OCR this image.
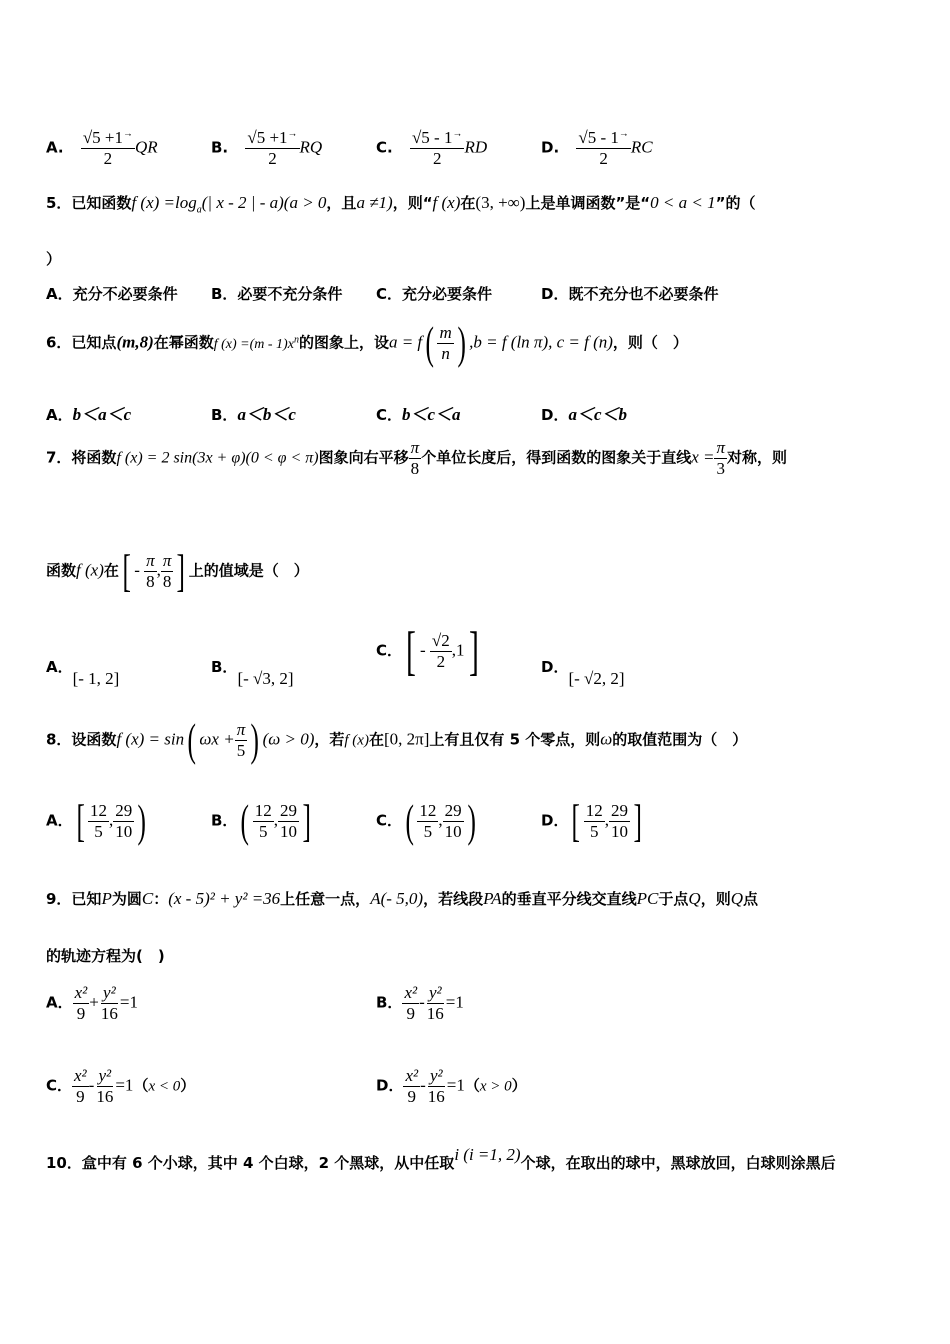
A. $\frac{√5 +1^\to}{2}$ QR	B. $\frac{√5 +1^\to}{2}$ RQ	C. $\frac{√5 - 1^\to}{2}$ RD	D. $\frac{√5 - 1^\to}{2}$ RC
5．已知函数f $(x) =\log_a(|$ x - 2 | - a)(a > 0，且a ≠1)，则“f (x)在(3, +∞)上是单调函数”是“0 < a < 1”的（
）
A．充分不必要条件 B．必要不充分条件 C．充分必要条件	D．既不充分也不必要条件
6．已知点(m,8)在幂函数f $(x) =(m - 1)x^n$的图象上，设$a = f( \frac{m}{n}$ ) ,b = f (ln π), c = f (n)，则（　）
A．b＜a＜c	B．a＜b＜c	C．b＜c＜a	D．a＜c＜b
7．将函数f (x) = 2 sin(3x + φ)(0 < φ < π)图象向右平移 $\frac{\pi}{8}$ 个单位长度后，得到函数的图象关于直线$x = \frac{\pi}{3}$ 对称，则
函数f (x)在[ - $\frac{\pi}{8}$ , $\frac{\pi}{8}$ ] 上的值域是（　）
A．[- 1, 2]
B．[- √3, 2]
C．[ - $\frac{√2}{2} ,1$]	D．[- √2, 2]
8．设函数f (x) = sin( $\omega x + \frac{\pi}{5}$ ) (ω > 0)，若f (x)在[0, 2π]上有且仅有 5 个零点，则ω的取值范围为（　）
A．[ $\frac{12}{5}$ , $\frac{29}{10}$ )	B．( $\frac{12}{5}$ , $\frac{29}{10}$ ]	C．( $\frac{12}{5}$ , $\frac{29}{10}$ )	D．[ $\frac{12}{5}$ , $\frac{29}{10}$ ]
9．已知P为圆C：(x - 5)² + y² =36上任意一点，A(- 5,0)，若线段PA的垂直平分线交直线PC于点Q，则Q点
的轨迹方程为(　)
A． $\frac{\text{x²}}{9} + \frac{\text{y²}}{16} =1$	B． $\frac{\text{x²}}{9} - \frac{\text{y²}}{16} =1$
C． $\frac{\text{x²}}{9} - \frac{\text{y²}}{16} =1(x < 0)$	D． $\frac{\text{x²}}{9} - \frac{\text{y²}}{16} =1(x > 0)$
10．盒中有 6 个小球，其中 4 个白球，2 个黑球，从中任取i (i =1, 2)个球，在取出的球中，黑球放回，白球则涂黑后
